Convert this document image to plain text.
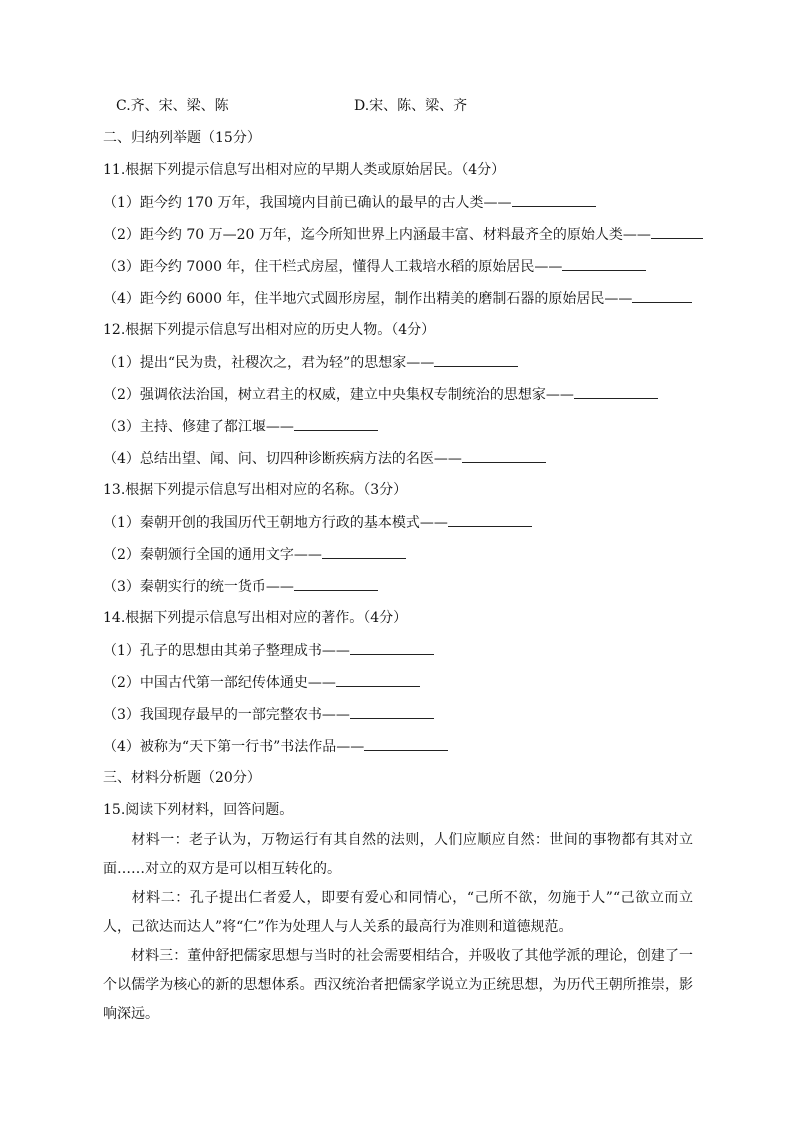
C.齐、宋、梁、陈	D.宋、陈、梁、齐
二、归纳列举题（15分）
11.根据下列提示信息写出相对应的早期人类或原始居民。（4分）
（1）距今约 170 万年，我国境内目前已确认的最早的古人类——
（2）距今约 70 万—20 万年，迄今所知世界上内涵最丰富、材料最齐全的原始人类——
（3）距今约 7000 年，住干栏式房屋，懂得人工栽培水稻的原始居民——
（4）距今约 6000 年，住半地穴式圆形房屋，制作出精美的磨制石器的原始居民——
12.根据下列提示信息写出相对应的历史人物。（4分）
（1）提出“民为贵，社稷次之，君为轻”的思想家——
（2）强调依法治国，树立君主的权威，建立中央集权专制统治的思想家——
（3）主持、修建了都江堰——
（4）总结出望、闻、问、切四种诊断疾病方法的名医——
13.根据下列提示信息写出相对应的名称。（3分）
（1）秦朝开创的我国历代王朝地方行政的基本模式——
（2）秦朝颁行全国的通用文字——
（3）秦朝实行的统一货币——
14.根据下列提示信息写出相对应的著作。（4分）
（1）孔子的思想由其弟子整理成书——
（2）中国古代第一部纪传体通史——
（3）我国现存最早的一部完整农书——
（4）被称为“天下第一行书”书法作品——
三、材料分析题（20分）
15.阅读下列材料，回答问题。
材料一：老子认为，万物运行有其自然的法则，人们应顺应自然：世间的事物都有其对立面……对立的双方是可以相互转化的。
材料二：孔子提出仁者爱人，即要有爱心和同情心，“己所不欲，勿施于人”“己欲立而立人，己欲达而达人”将“仁”作为处理人与人关系的最高行为准则和道德规范。
材料三：董仲舒把儒家思想与当时的社会需要相结合，并吸收了其他学派的理论，创建了一个以儒学为核心的新的思想体系。西汉统治者把儒家学说立为正统思想，为历代王朝所推崇，影响深远。
